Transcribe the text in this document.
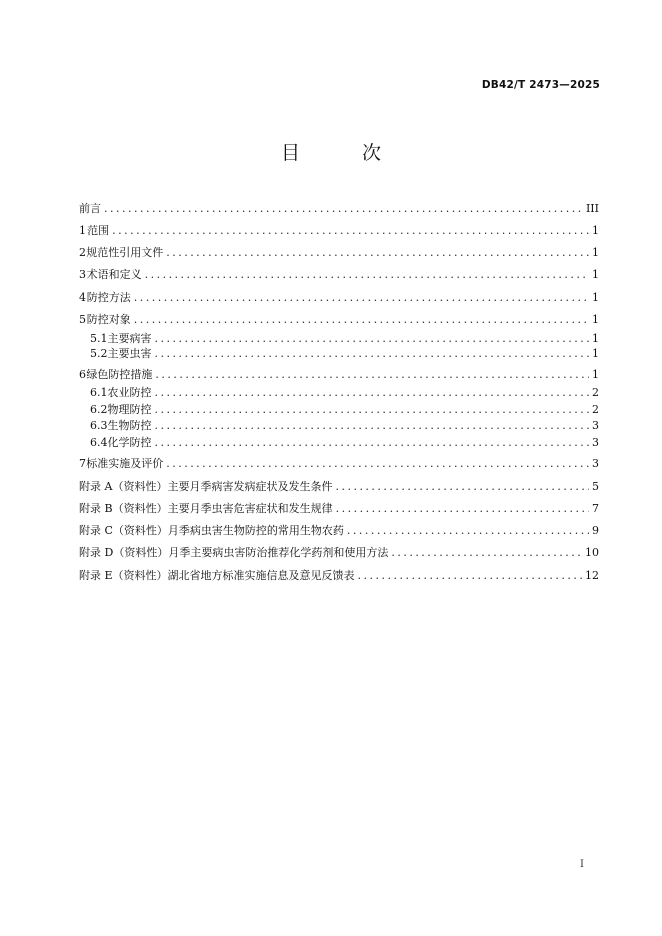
DB42/T 2473—2025
目 次
前言 .....	III
1 范围 .....	1
2 规范性引用文件 .....	1
3 术语和定义 .....	1
4 防控方法 .....	1
5 防控对象 .....	1
5.1 主要病害 .....	1
5.2 主要虫害 .....	1
6 绿色防控措施 .....	1
6.1 农业防控 .....	2
6.2 物理防控 .....	2
6.3 生物防控 .....	3
6.4 化学防控 .....	3
7 标准实施及评价 .....	3
附录 A（资料性） 主要月季病害发病症状及发生条件 .....	5
附录 B（资料性） 主要月季虫害危害症状和发生规律 .....	7
附录 C（资料性） 月季病虫害生物防控的常用生物农药 .....	9
附录 D（资料性） 月季主要病虫害防治推荐化学药剂和使用方法 .....	10
附录 E（资料性） 湖北省地方标准实施信息及意见反馈表 .....	12
I
